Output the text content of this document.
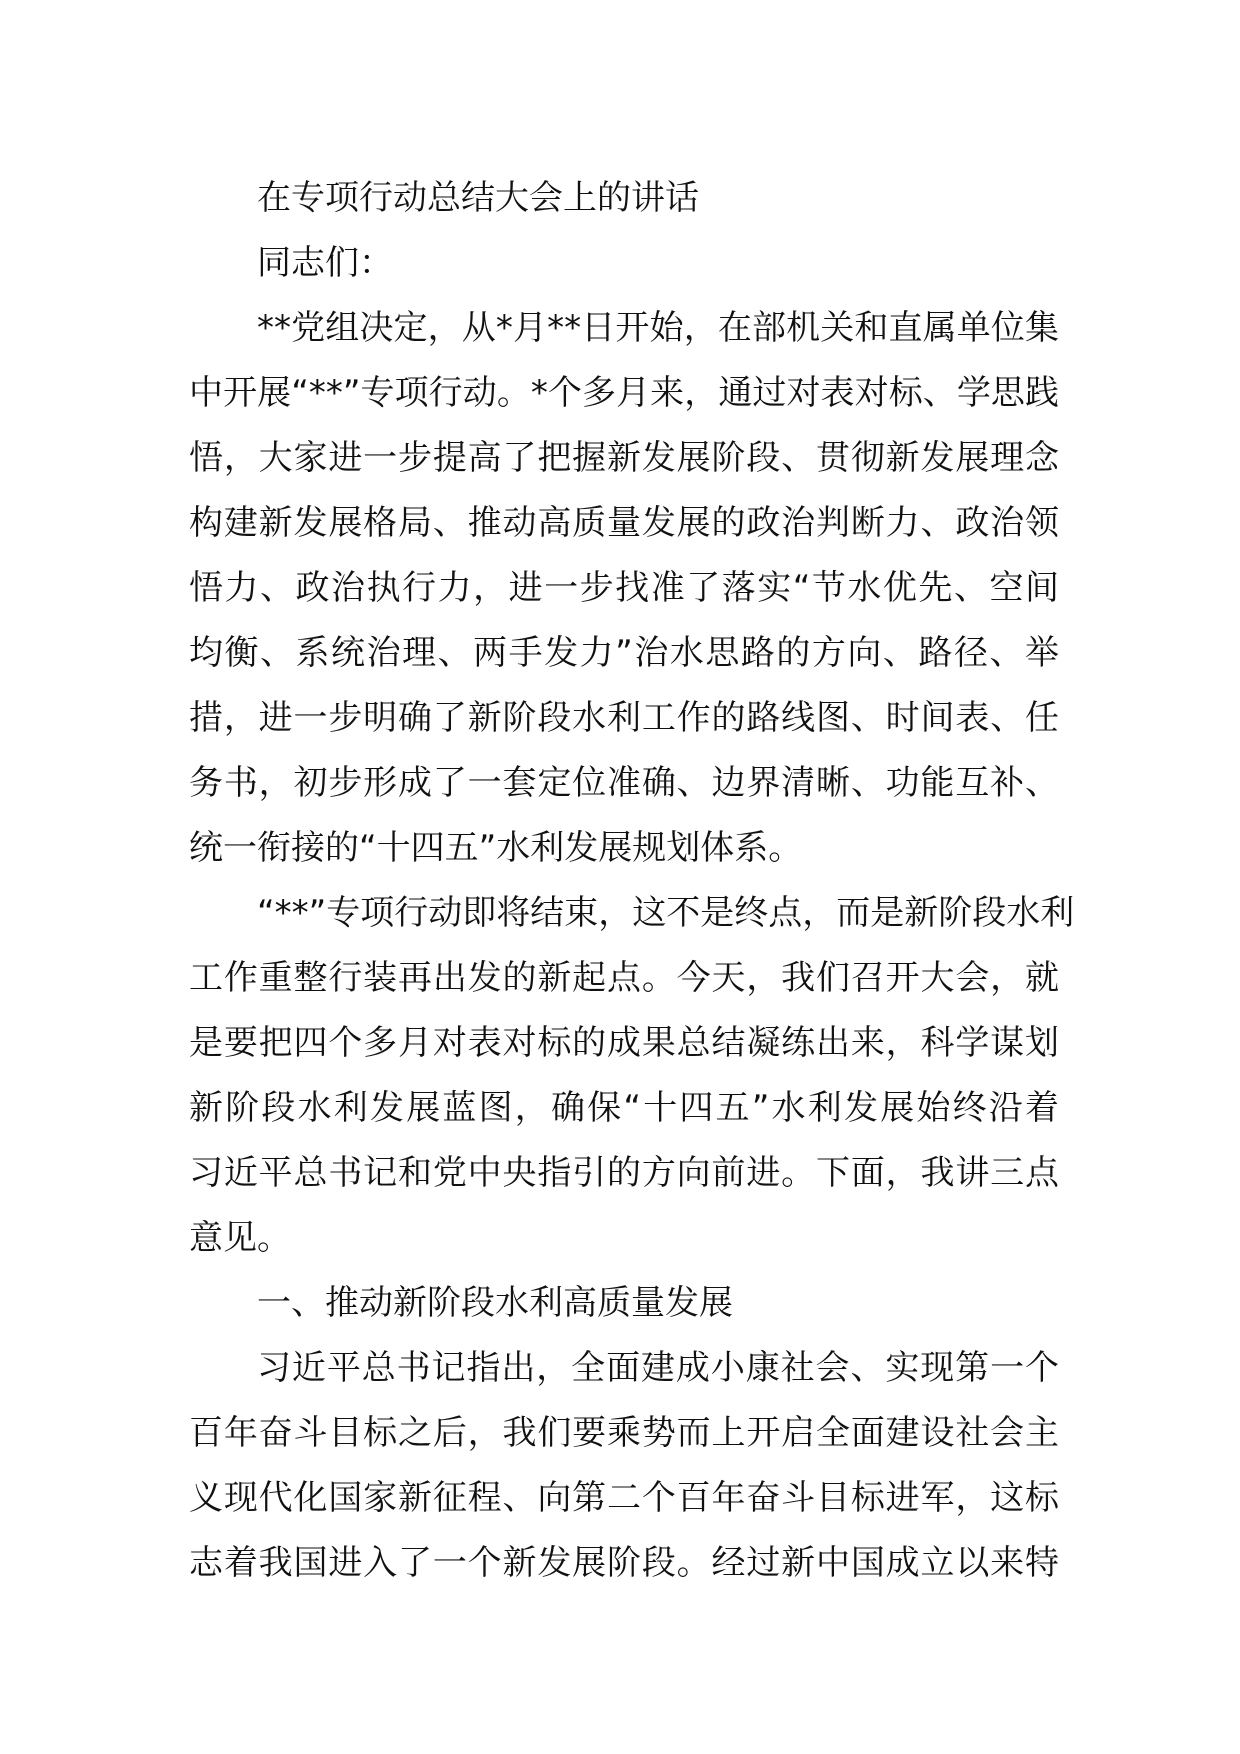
在专项行动总结大会上的讲话
同志们：
**党组决定，从*月**日开始，在部机关和直属单位集
中开展“**”专项行动。*个多月来，通过对表对标、学思践
悟，大家进一步提高了把握新发展阶段、贯彻新发展理念
构建新发展格局、推动高质量发展的政治判断力、政治领
悟力、政治执行力，进一步找准了落实“节水优先、空间
均衡、系统治理、两手发力”治水思路的方向、路径、举
措，进一步明确了新阶段水利工作的路线图、时间表、任
务书，初步形成了一套定位准确、边界清晰、功能互补、
统一衔接的“十四五”水利发展规划体系。
“**”专项行动即将结束，这不是终点，而是新阶段水利
工作重整行装再出发的新起点。今天，我们召开大会，就
是要把四个多月对表对标的成果总结凝练出来，科学谋划
新阶段水利发展蓝图，确保“十四五”水利发展始终沿着
习近平总书记和党中央指引的方向前进。下面，我讲三点
意见。
一、推动新阶段水利高质量发展
习近平总书记指出，全面建成小康社会、实现第一个
百年奋斗目标之后，我们要乘势而上开启全面建设社会主
义现代化国家新征程、向第二个百年奋斗目标进军，这标
志着我国进入了一个新发展阶段。经过新中国成立以来特
